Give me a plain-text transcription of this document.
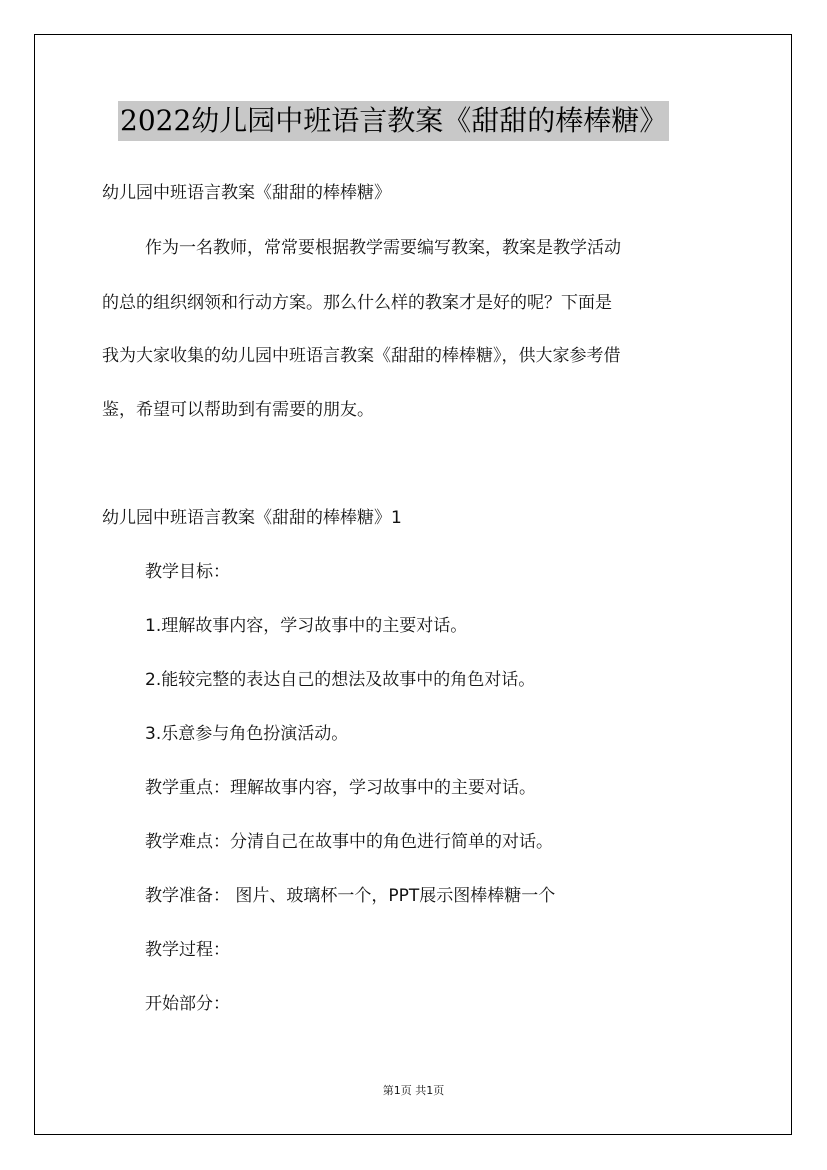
2022幼儿园中班语言教案《甜甜的棒棒糖》
幼儿园中班语言教案《甜甜的棒棒糖》
作为一名教师，常常要根据教学需要编写教案，教案是教学活动
的总的组织纲领和行动方案。那么什么样的教案才是好的呢？下面是
我为大家收集的幼儿园中班语言教案《甜甜的棒棒糖》，供大家参考借
鉴，希望可以帮助到有需要的朋友。
幼儿园中班语言教案《甜甜的棒棒糖》1
教学目标：
1.理解故事内容，学习故事中的主要对话。
2.能较完整的表达自己的想法及故事中的角色对话。
3.乐意参与角色扮演活动。
教学重点：理解故事内容，学习故事中的主要对话。
教学难点：分清自己在故事中的角色进行简单的对话。
教学准备： 图片、玻璃杯一个，PPT展示图棒棒糖一个
教学过程：
开始部分：
第1页 共1页
